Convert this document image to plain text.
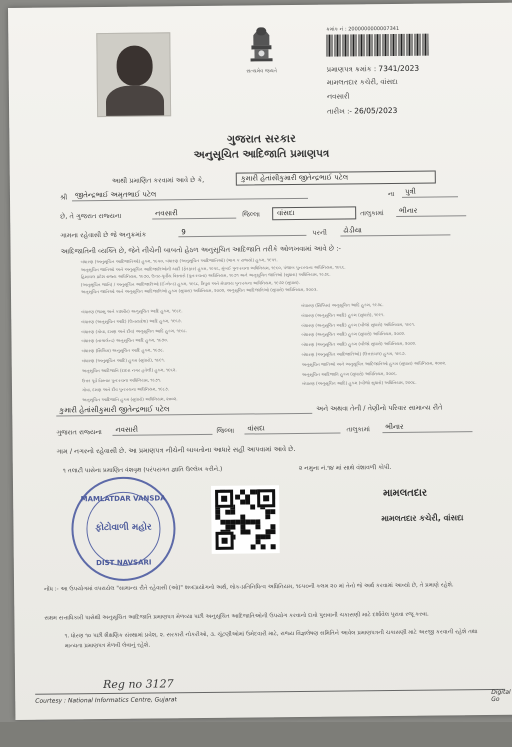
સત્યમેવ જયતે
ક્રમાંક નં : 2000000000007341
પ્રમાણપત્ર ક્રમાંક : 7341/2023
મામલતદાર કચેરી, વાંસદા
નવસારી
તારીખ :- 26/05/2023
ગુજરાત સરકાર
અનુસૂચિત આદિજાતિ પ્રમાણપત્ર
આથી પ્રમાણિત કરવામાં આવે છે કે,	કુમારી હેતાંસીકુમારી જીતેન્દ્રભાઈ પટેલ
શ્રી	જીતેન્દ્રભાઈ અમૃતભાઈ પટેલ	ના	પુત્રી
છે, તે ગુજરાત રાજ્યના	નવસારી	જિલ્લા	વાંસદા	તાલુકામાં	ભીનાર
ગામના રહેવાસી છે જે અનુક્રમાંક	9	પરની	ઢોડીયા
આદિજાતિની વ્યક્તિ છે, જેને નીચેની બાબતો હેઠળ અનુસૂચિત આદિજાતિ તરીકે ઓળખવામાં આવે છે :-
બંધારણ (અનુસૂચિત આદિજાતિઓ) હુકમ, ૧૯૫૦, બંધારણ (અનુસૂચિત આદિજાતિઓ) (ભાગ ક રાજ્યો) હુકમ, ૧૯૫૧.
અનુસૂચિત જાતિઓ અને અનુસૂચિત આદિજાતિઓની યાદી (ફેરફાર) હુકમ, ૧૯૫૬, મુંબઈ પુનઃરચના અધિનિયમ, ૧૯૬૦, પંજાબ પુનઃરચના અધિનિયમ, ૧૯૬૬.
હિમાચલ પ્રદેશ રાજ્ય અધિનિયમ, ૧૯૭૦, ઉત્તર-પૂર્વીય વિસ્તારો (પુનઃરચના) અધિનિયમ, ૧૯૭૧ અને અનુસૂચિત જાતિઓ (સુધારા) અધિનિયમ, ૧૯૭૬.
(અનુસૂચિત જાતિ) / અનુસૂચિત આદિજાતિઓ (ઈંગ્લેન્ડ) હુકમ, ૧૯૬૮, ત્રિપુરા અને મેઘાલય પુનઃરચના અધિનિયમ, ૧૯૭૨ (સુધારા).
અનુસૂચિત જાતિઓ અને અનુસૂચિત આદિજાતિઓ હુકમ (સુધારા) અધિનિયમ, ૨૦૦૨, અનુસૂચિત આદિજાતિઓ (સુધારો) અધિનિયમ, ૨૦૦૩.
બંધારણ (જમ્મુ અને કાશ્મીર) અનુસૂચિત આદિ હુકમ, ૧૯૮૯.
બંધારણ (અનુસૂચિત આદિ) (ઉત્તરપ્રદેશ) આદિ હુકમ, ૧૯૬૭.
બંધારણ (ગોવા, દમણ અને દીવ) અનુસૂચિત આદિ હુકમ, ૧૯૬૮.
બંધારણ (નાગાલેન્ડ) અનુસૂચિત આદિ હુકમ, ૧૯૭૦.
બંધારણ (સિક્કિમ) અનુસૂચિત આદિ હુકમ, ૧૯૭૮.
બંધારણ (અનુસૂચિત આદિ) હુકમ (સુધારો), ૧૯૯૧.
અનુસૂચિત આદિજાતિ (દાદરા નગર હવેલી) હુકમ, ૧૯૬૨.
ઉત્તર પૂર્વ વિસ્તાર પુનઃરચના અધિનિયમ, ૧૯૭૧.
ગોવા, દમણ અને દીવ પુનઃરચના અધિનિયમ, ૧૯૮૭.
અનુસૂચિત આદિજાતિ હુકમ (સુધારો) અધિનિયમ, ૨૦૦૨.
બંધારણ (સિક્કિમ) અનુસૂચિત આદિ હુકમ, ૧૯૭૮.
બંધારણ (અનુસૂચિત આદિ) હુકમ (સુધારો), ૧૯૯૧.
બંધારણ (અનુસૂચિત આદિ) હુકમ (બીજો સુધારો) અધિનિયમ, ૧૯૯૧.
બંધારણ (અનુસૂચિત આદિ) હુકમ (સુધારો) અધિનિયમ, ૨૦૦૨.
બંધારણ (અનુસૂચિત આદિ) હુકમ (બીજો સુધારો) અધિનિયમ, ૨૦૦૨.
બંધારણ (અનુસૂચિત આદિજાતિઓ) (ઉત્તરાંચલ) હુકમ, ૧૯૬૭.
અનુસૂચિત જાતિઓ અને અનુસૂચિત આદિજાતિઓ હુકમ (સુધારા) અધિનિયમ, ૨૦૦૨.
અનુસૂચિત આદિજાતિ હુકમ (સુધારો) અધિનિયમ, ૨૦૦૬.
બંધારણ (અનુસૂચિત આદિ) હુકમ (બીજો સુધારો) અધિનિયમ, ૨૦૦૮.
કુમારી હેતાંસીકુમારી જીતેન્દ્રભાઈ પટેલ	અને અથવા તેની / તેણીનો પરિવાર સામાન્ય રીતે
ગુજરાત રાજ્યના	નવસારી	જિલ્લા	વાંસદા	તાલુકામાં	ભીનાર
ગામ / નગરનો રહેવાસી છે. આ પ્રમાણપત્ર નીચેની બાબતોના આધારે સહી આપવામાં આવે છે.
૧ તલાટી પાસેના પ્રમાણિત વંશવૃક્ષ (પરંપરાગત જ્ઞાતિ ઉલ્લેખ કરીને.)	૨ નમુના નં.૧૪ માં સાથે વંશાવળી કોપી.
MAMLATDAR VANSDA
ફોટોવાળી મહોર
DIST NAVSARI
મામલતદાર
મામલતદાર કચેરી, વાંસદા
નોંધ :- આ ઉપયોગમાં વપરાયેલ "સામાન્ય રીતે રહેવાસી (ઓ)" શબ્દપ્રયોગનો અર્થ, લોક-પ્રતિનિધિત્વ અધિનિયમ, ૧૯૫૦ની કલમ ૨૦ માં તેનો જે અર્થ કરવામાં આવ્યો છે, તે પ્રમાણે રહેશે.
સક્ષમ સત્તાધિકારી પાસેથી અનુસૂચિત આદિજાતિ પ્રમાણપત્ર મેળવ્યા પછી અનુસૂચિત આદિજાતિઓની ઉપયોગ કરવાનો દાવો પુરાવાની ચકાસણી માટે દર્શાવેલ પુરાવા રજૂ કરવા.
૧. ધોરણ ૧૦ પછી શૈક્ષણિક સંસ્થામાં પ્રવેશ, ૨. સરકારી નોકરીઓ, ૩. ચૂંટણીઓમાં ઉમેદવારી માટે, રાજ્ય વિજ્ઞલેષણ સમિતિને આવેલ પ્રમાણપત્રની ચકાસણી માટે અરજી કરવાની રહેશે તથા માન્યતા પ્રમાણપત્ર મેળવી લેવાનું રહેશે.
Reg no 3127
Courtesy : National Informatics Centre, Gujarat
Digital Go
